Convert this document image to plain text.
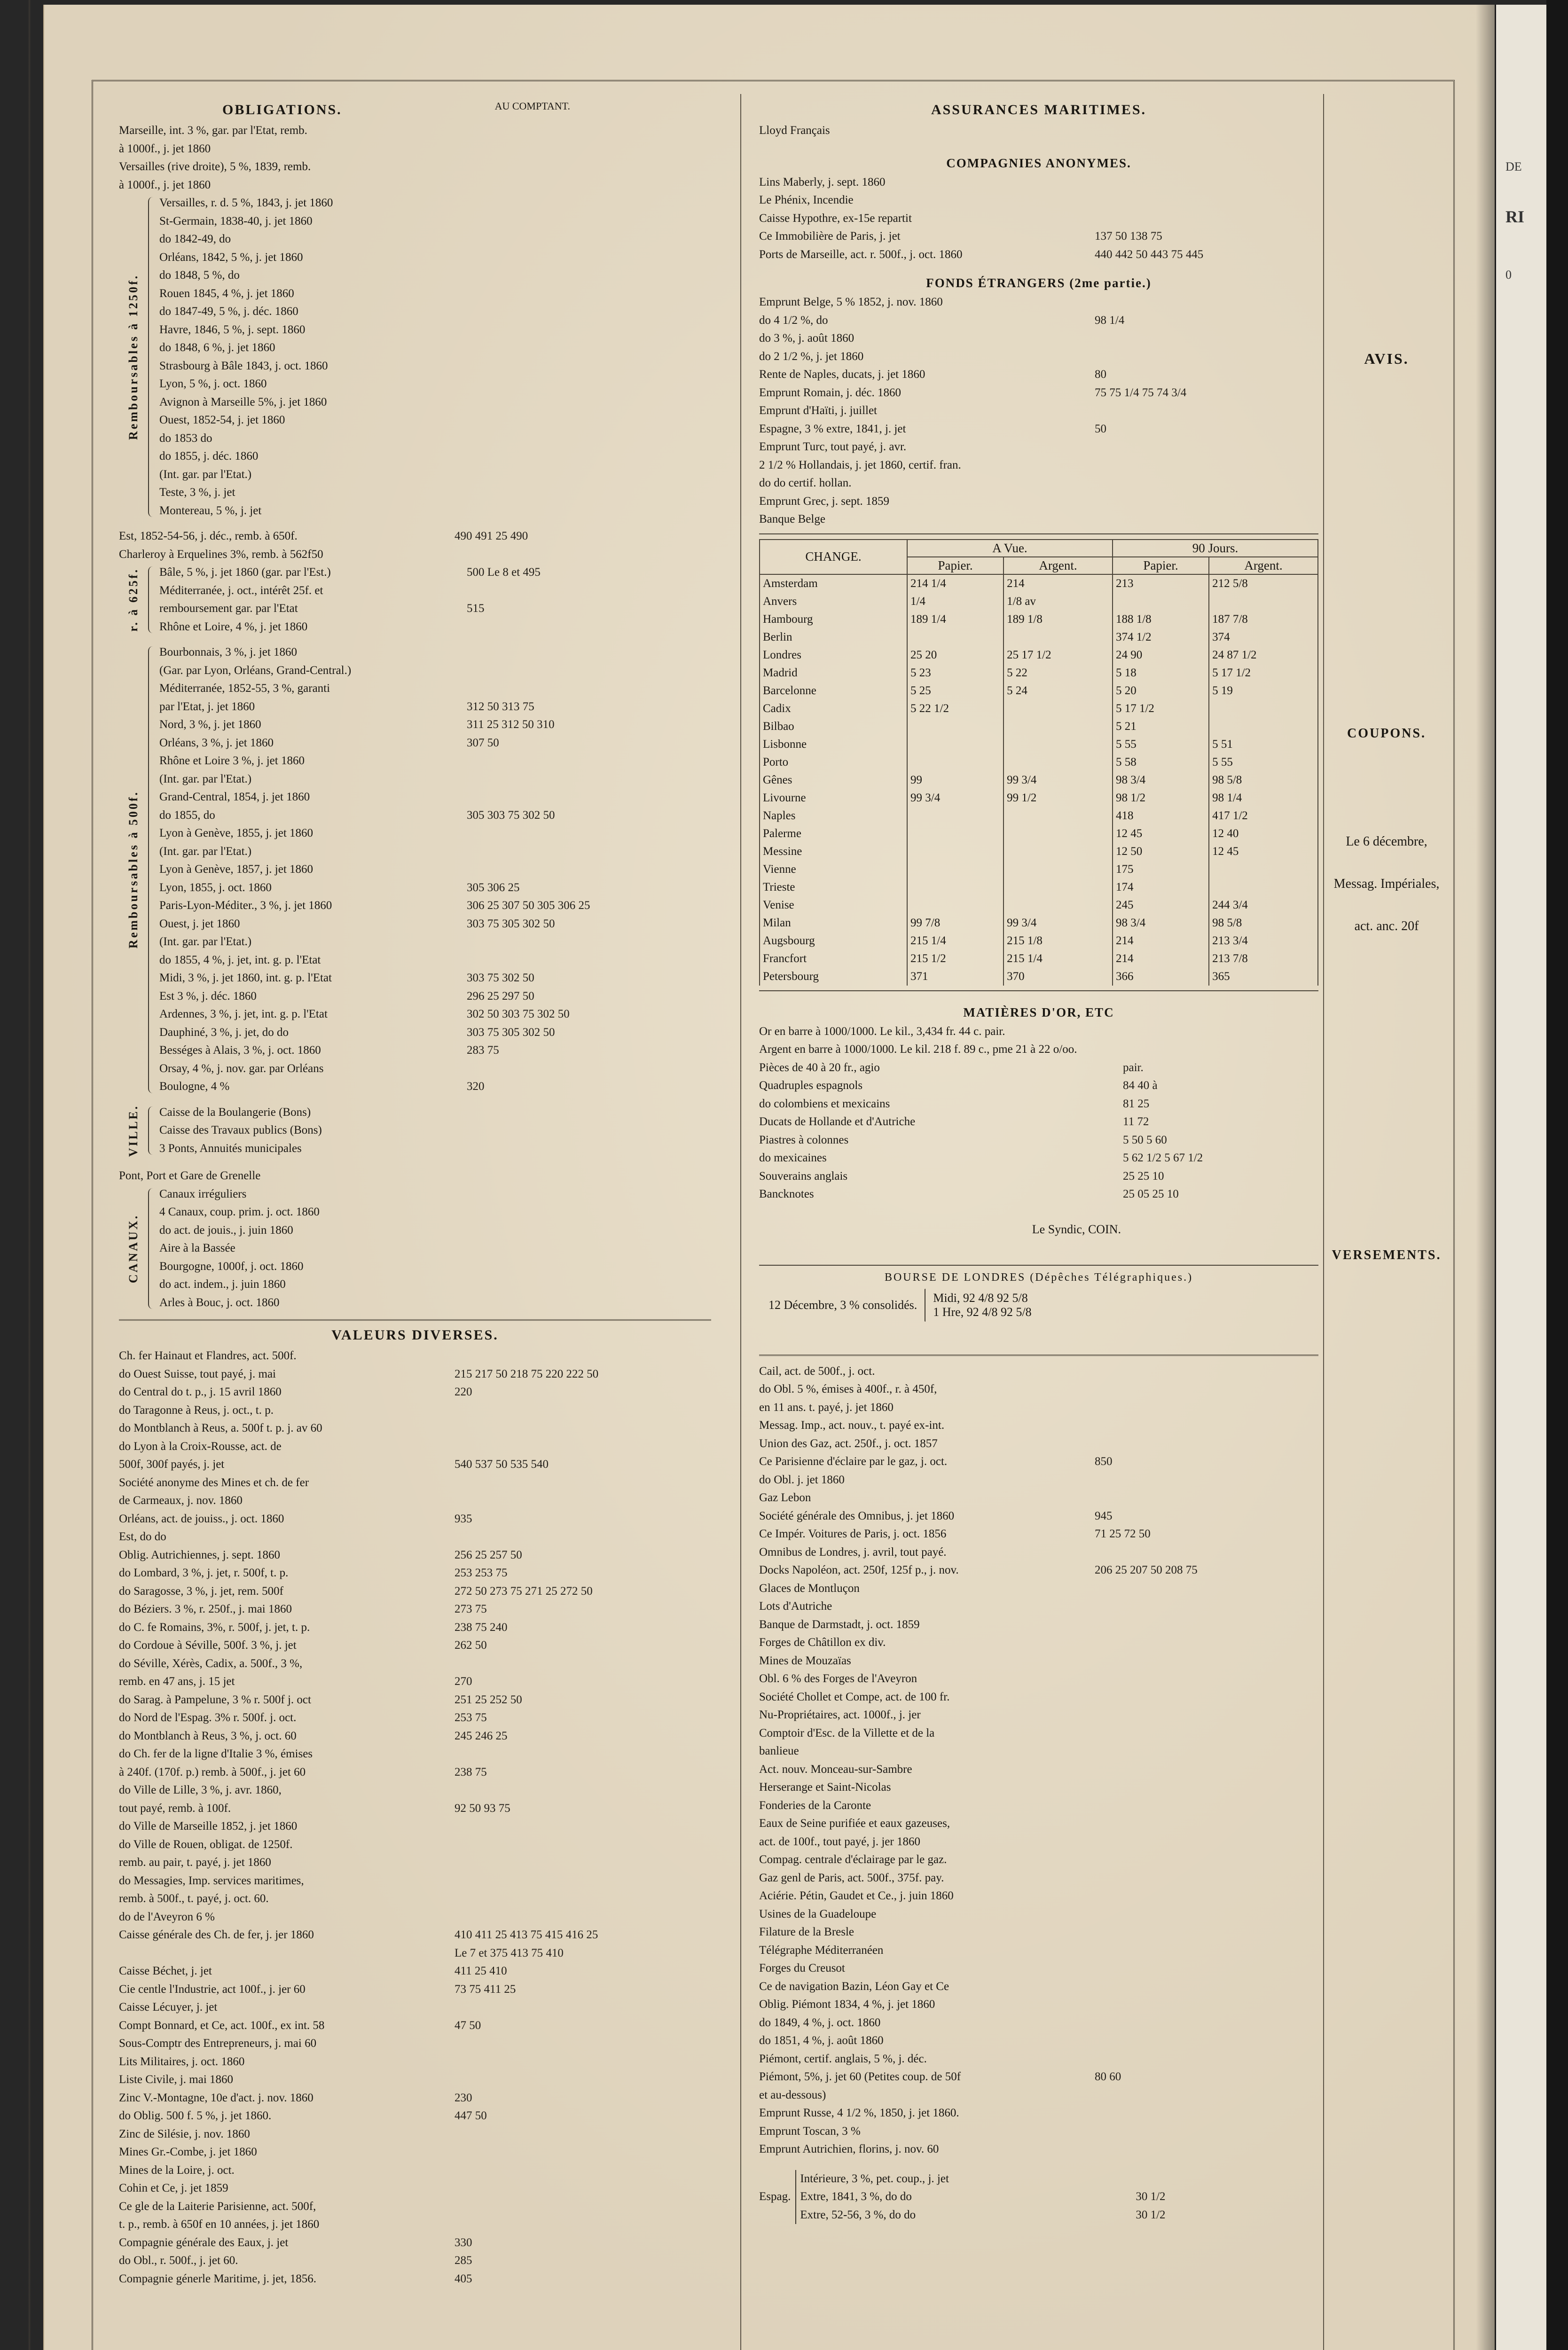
DE
RI
0
OBLIGATIONS.	AU COMPTANT.
Marseille, int. 3 %, gar. par l'Etat, remb.
à 1000f., j. jet 1860
Versailles (rive droite), 5 %, 1839, remb.
à 1000f., j. jet 1860
Remboursables à 1250f.
Versailles, r. d. 5 %, 1843, j. jet 1860
St-Germain, 1838-40, j. jet 1860
do 1842-49, do
Orléans, 1842, 5 %, j. jet 1860
do 1848, 5 %, do
Rouen 1845, 4 %, j. jet 1860
do 1847-49, 5 %, j. déc. 1860
Havre, 1846, 5 %, j. sept. 1860
do 1848, 6 %, j. jet 1860
Strasbourg à Bâle 1843, j. oct. 1860
Lyon, 5 %, j. oct. 1860
Avignon à Marseille 5%, j. jet 1860
Ouest, 1852-54, j. jet 1860
do 1853 do
do 1855, j. déc. 1860
(Int. gar. par l'Etat.)
Teste, 3 %, j. jet
Montereau, 5 %, j. jet
Est, 1852-54-56, j. déc., remb. à 650f.	490 491 25 490
Charleroy à Erquelines 3%, remb. à 562f50
r. à 625f. Bâle, 5 %, j. jet 1860 (gar. par l'Est.)	500 Le 8 et 495
Méditerranée, j. oct., intérêt 25f. et
remboursement gar. par l'Etat	515
Rhône et Loire, 4 %, j. jet 1860
Remboursables à 500f.
Bourbonnais, 3 %, j. jet 1860
(Gar. par Lyon, Orléans, Grand-Central.)
Méditerranée, 1852-55, 3 %, garanti
par l'Etat, j. jet 1860	312 50 313 75
Nord, 3 %, j. jet 1860	311 25 312 50 310
Orléans, 3 %, j. jet 1860	307 50
Rhône et Loire 3 %, j. jet 1860
(Int. gar. par l'Etat.)
Grand-Central, 1854, j. jet 1860
do 1855, do	305 303 75 302 50
Lyon à Genève, 1855, j. jet 1860
(Int. gar. par l'Etat.)
Lyon à Genève, 1857, j. jet 1860
Lyon, 1855, j. oct. 1860	305 306 25
Paris-Lyon-Méditer., 3 %, j. jet 1860	306 25 307 50 305 306 25
Ouest, j. jet 1860	303 75 305 302 50
(Int. gar. par l'Etat.)
do 1855, 4 %, j. jet, int. g. p. l'Etat
Midi, 3 %, j. jet 1860, int. g. p. l'Etat	303 75 302 50
Est 3 %, j. déc. 1860	296 25 297 50
Ardennes, 3 %, j. jet, int. g. p. l'Etat	302 50 303 75 302 50
Dauphiné, 3 %, j. jet, do do	303 75 305 302 50
Bességes à Alais, 3 %, j. oct. 1860	283 75
Orsay, 4 %, j. nov. gar. par Orléans
Boulogne, 4 %	320
VILLE. Caisse de la Boulangerie (Bons)
Caisse des Travaux publics (Bons)
3 Ponts, Annuités municipales
Pont, Port et Gare de Grenelle
CANAUX.
Canaux irréguliers
4 Canaux, coup. prim. j. oct. 1860
do act. de jouis., j. juin 1860
Aire à la Bassée
Bourgogne, 1000f, j. oct. 1860
do act. indem., j. juin 1860
Arles à Bouc, j. oct. 1860
VALEURS DIVERSES.
Ch. fer Hainaut et Flandres, act. 500f.
do Ouest Suisse, tout payé, j. mai	215 217 50 218 75 220 222 50
do Central do t. p., j. 15 avril 1860	220
do Taragonne à Reus, j. oct., t. p.
do Montblanch à Reus, a. 500f t. p. j. av 60
do Lyon à la Croix-Rousse, act. de
500f, 300f payés, j. jet	540 537 50 535 540
Société anonyme des Mines et ch. de fer
de Carmeaux, j. nov. 1860
Orléans, act. de jouiss., j. oct. 1860	935
Est, do do
Oblig. Autrichiennes, j. sept. 1860	256 25 257 50
do Lombard, 3 %, j. jet, r. 500f, t. p.	253 253 75
do Saragosse, 3 %, j. jet, rem. 500f	272 50 273 75 271 25 272 50
do Béziers. 3 %, r. 250f., j. mai 1860	273 75
do C. fe Romains, 3%, r. 500f, j. jet, t. p.	238 75 240
do Cordoue à Séville, 500f. 3 %, j. jet	262 50
do Séville, Xérès, Cadix, a. 500f., 3 %,
remb. en 47 ans, j. 15 jet	270
do Sarag. à Pampelune, 3 % r. 500f j. oct	251 25 252 50
do Nord de l'Espag. 3% r. 500f. j. oct.	253 75
do Montblanch à Reus, 3 %, j. oct. 60	245 246 25
do Ch. fer de la ligne d'Italie 3 %, émises
à 240f. (170f. p.) remb. à 500f., j. jet 60	238 75
do Ville de Lille, 3 %, j. avr. 1860,
tout payé, remb. à 100f.	92 50 93 75
do Ville de Marseille 1852, j. jet 1860
do Ville de Rouen, obligat. de 1250f.
remb. au pair, t. payé, j. jet 1860
do Messagies, Imp. services maritimes,
remb. à 500f., t. payé, j. oct. 60.
do de l'Aveyron 6 %
Caisse générale des Ch. de fer, j. jer 1860	410 411 25 413 75 415 416 25
Le 7 et 375 413 75 410
Caisse Béchet, j. jet	411 25 410
Cie centle l'Industrie, act 100f., j. jer 60	73 75 411 25
Caisse Lécuyer, j. jet
Compt Bonnard, et Ce, act. 100f., ex int. 58	47 50
Sous-Comptr des Entrepreneurs, j. mai 60
Lits Militaires, j. oct. 1860
Liste Civile, j. mai 1860
Zinc V.-Montagne, 10e d'act. j. nov. 1860	230
do Oblig. 500 f. 5 %, j. jet 1860.	447 50
Zinc de Silésie, j. nov. 1860
Mines Gr.-Combe, j. jet 1860
Mines de la Loire, j. oct.
Cohin et Ce, j. jet 1859
Ce gle de la Laiterie Parisienne, act. 500f,
t. p., remb. à 650f en 10 années, j. jet 1860
Compagnie générale des Eaux, j. jet	330
do Obl., r. 500f., j. jet 60.	285
Compagnie génerle Maritime, j. jet, 1856.	405
ASSURANCES MARITIMES.
Lloyd Français
COMPAGNIES ANONYMES.
Lins Maberly, j. sept. 1860
Le Phénix, Incendie
Caisse Hypothre, ex-15e repartit
Ce Immobilière de Paris, j. jet	137 50 138 75
Ports de Marseille, act. r. 500f., j. oct. 1860	440 442 50 443 75 445
FONDS ÉTRANGERS (2me partie.)
Emprunt Belge, 5 % 1852, j. nov. 1860
do 4 1/2 %, do	98 1/4
do 3 %, j. août 1860
do 2 1/2 %, j. jet 1860
Rente de Naples, ducats, j. jet 1860	80
Emprunt Romain, j. déc. 1860	75 75 1/4 75 74 3/4
Emprunt d'Haïti, j. juillet
Espagne, 3 % extre, 1841, j. jet	50
Emprunt Turc, tout payé, j. avr.
2 1/2 % Hollandais, j. jet 1860, certif. fran.
do do certif. hollan.
Emprunt Grec, j. sept. 1859
Banque Belge
CHANGE.	A Vue.		90 Jours.	
	Papier.	Argent.	Papier.	Argent.
Amsterdam	214 1/4	214	213	212 5/8
Anvers	1/4	1/8 av		
Hambourg	189 1/4	189 1/8	188 1/8	187 7/8
Berlin			374 1/2	374
Londres	25 20	25 17 1/2	24 90	24 87 1/2
Madrid	5 23	5 22	5 18	5 17 1/2
Barcelonne	5 25	5 24	5 20	5 19
Cadix	5 22 1/2		5 17 1/2	
Bilbao			5 21	
Lisbonne			5 55	5 51
Porto			5 58	5 55
Gênes	99	99 3/4	98 3/4	98 5/8
Livourne	99 3/4	99 1/2	98 1/2	98 1/4
Naples			418	417 1/2
Palerme			12 45	12 40
Messine			12 50	12 45
Vienne			175	
Trieste			174	
Venise			245	244 3/4
Milan	99 7/8	99 3/4	98 3/4	98 5/8
Augsbourg	215 1/4	215 1/8	214	213 3/4
Francfort	215 1/2	215 1/4	214	213 7/8
Petersbourg	371	370	366	365
MATIÈRES D'OR, ETC
Or en barre à 1000/1000. Le kil., 3,434 fr. 44 c. pair.
Argent en barre à 1000/1000. Le kil. 218 f. 89 c., pme 21 à 22 o/oo.
Pièces de 40 à 20 fr., agio	pair.
Quadruples espagnols	84 40 à
do colombiens et mexicains	81 25
Ducats de Hollande et d'Autriche	11 72
Piastres à colonnes	5 50 5 60
do mexicaines	5 62 1/2 5 67 1/2
Souverains anglais	25 25 10
Bancknotes	25 05 25 10
Le Syndic, COIN.
BOURSE DE LONDRES (Dépêches Télégraphiques.)
12 Décembre, 3 % consolidés.
Midi, 92 4/8 92 5/8
1 Hre, 92 4/8 92 5/8
Cail, act. de 500f., j. oct.
do Obl. 5 %, émises à 400f., r. à 450f,
en 11 ans. t. payé, j. jet 1860
Messag. Imp., act. nouv., t. payé ex-int.
Union des Gaz, act. 250f., j. oct. 1857
Ce Parisienne d'éclaire par le gaz, j. oct.	850
do Obl. j. jet 1860
Gaz Lebon
Société générale des Omnibus, j. jet 1860	945
Ce Impér. Voitures de Paris, j. oct. 1856	71 25 72 50
Omnibus de Londres, j. avril, tout payé.
Docks Napoléon, act. 250f, 125f p., j. nov.	206 25 207 50 208 75
Glaces de Montluçon
Lots d'Autriche
Banque de Darmstadt, j. oct. 1859
Forges de Châtillon ex div.
Mines de Mouzaïas
Obl. 6 % des Forges de l'Aveyron
Société Chollet et Compe, act. de 100 fr.
Nu-Propriétaires, act. 1000f., j. jer
Comptoir d'Esc. de la Villette et de la
banlieue
Act. nouv. Monceau-sur-Sambre
Herserange et Saint-Nicolas
Fonderies de la Caronte
Eaux de Seine purifiée et eaux gazeuses,
act. de 100f., tout payé, j. jer 1860
Compag. centrale d'éclairage par le gaz.
Gaz genl de Paris, act. 500f., 375f. pay.
Aciérie. Pétin, Gaudet et Ce., j. juin 1860
Usines de la Guadeloupe
Filature de la Bresle
Télégraphe Méditerranéen
Forges du Creusot
Ce de navigation Bazin, Léon Gay et Ce
Oblig. Piémont 1834, 4 %, j. jet 1860
do 1849, 4 %, j. oct. 1860
do 1851, 4 %, j. août 1860
Piémont, certif. anglais, 5 %, j. déc.
Piémont, 5%, j. jet 60 (Petites coup. de 50f	80 60
et au-dessous)
Emprunt Russe, 4 1/2 %, 1850, j. jet 1860.
Emprunt Toscan, 3 %
Emprunt Autrichien, florins, j. nov. 60
Espag.
Intérieure, 3 %, pet. coup., j. jet
Extre, 1841, 3 %, do do	30 1/2
Extre, 52-56, 3 %, do do	30 1/2
AVIS.
COUPONS.
Le 6 décembre,
Messag. Impériales,
act. anc. 20f
VERSEMENTS.
